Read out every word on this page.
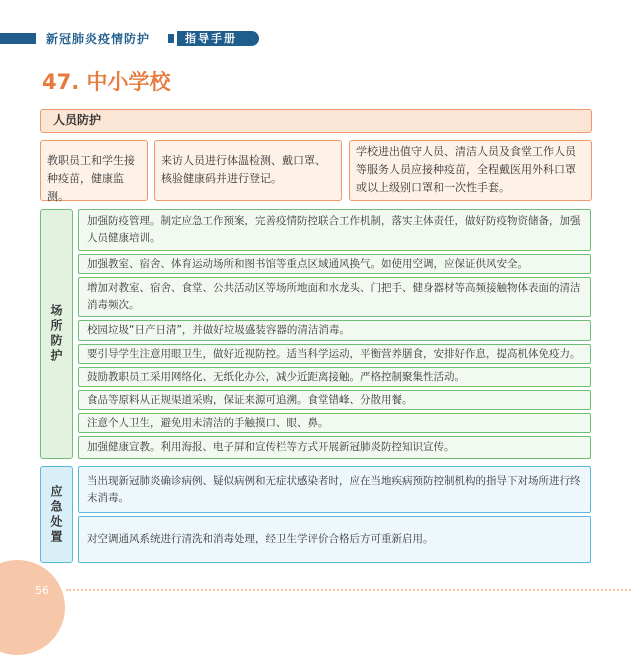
新冠肺炎疫情防护	指导手册
47. 中小学校
人员防护
教职员工和学生接种疫苗，健康监测。
来访人员进行体温检测、戴口罩、核验健康码并进行登记。
学校进出值守人员、清洁人员及食堂工作人员等服务人员应接种疫苗，全程戴医用外科口罩或以上级别口罩和一次性手套。
场所防护
加强防疫管理。制定应急工作预案，完善疫情防控联合工作机制，落实主体责任，做好防疫物资储备，加强人员健康培训。
加强教室、宿舍、体育运动场所和图书馆等重点区域通风换气。如使用空调，应保证供风安全。
增加对教室、宿舍、食堂、公共活动区等场所地面和水龙头、门把手、健身器材等高频接触物体表面的清洁消毒频次。
校园垃圾“日产日清”，并做好垃圾盛装容器的清洁消毒。
要引导学生注意用眼卫生，做好近视防控。适当科学运动，平衡营养膳食，安排好作息，提高机体免疫力。
鼓励教职员工采用网络化、无纸化办公，减少近距离接触。严格控制聚集性活动。
食品等原料从正规渠道采购，保证来源可追溯。食堂错峰、分散用餐。
注意个人卫生，避免用未清洁的手触摸口、眼、鼻。
加强健康宣教。利用海报、电子屏和宣传栏等方式开展新冠肺炎防控知识宣传。
应急处置
当出现新冠肺炎确诊病例、疑似病例和无症状感染者时，应在当地疾病预防控制机构的指导下对场所进行终末消毒。
对空调通风系统进行清洗和消毒处理，经卫生学评价合格后方可重新启用。
56
